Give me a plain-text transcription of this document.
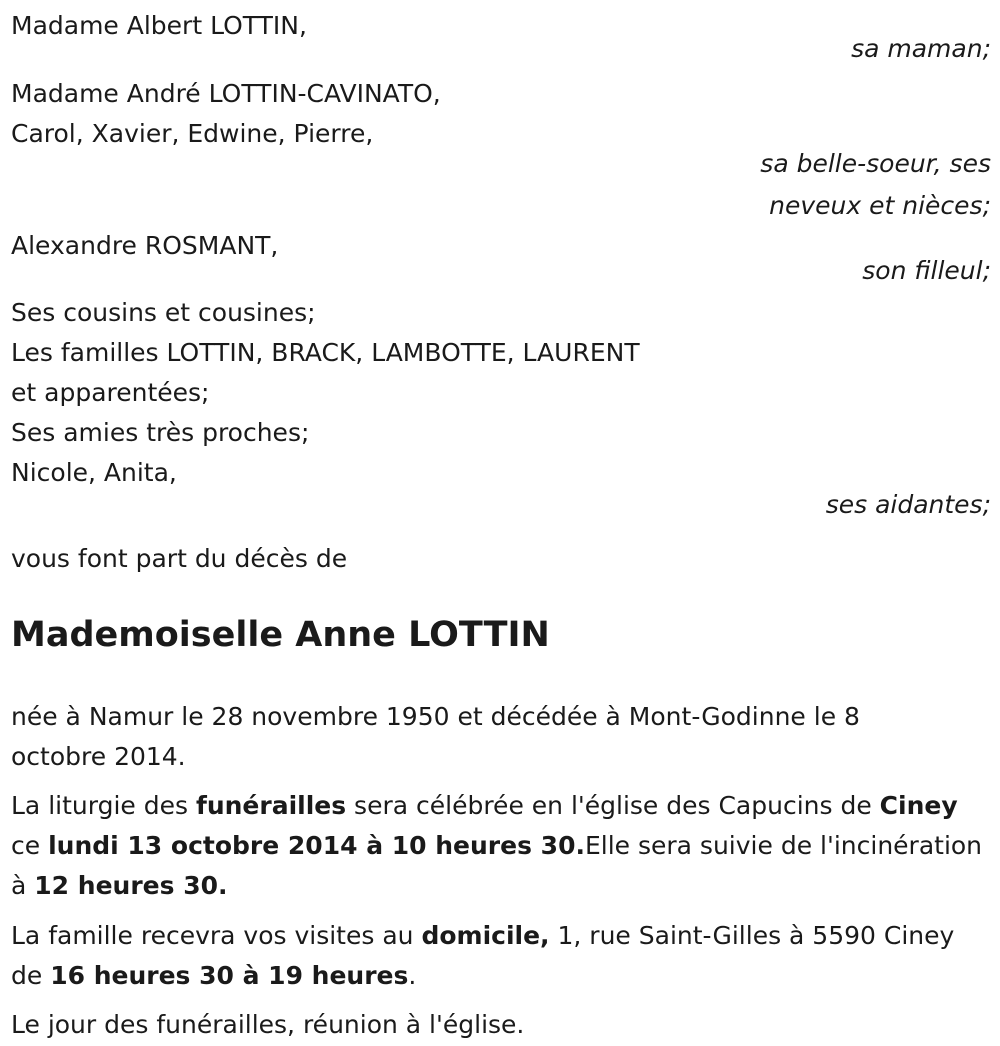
Madame Albert LOTTIN,
sa maman;
Madame André LOTTIN-CAVINATO,
Carol, Xavier, Edwine, Pierre,
sa belle-soeur, ses
neveux et nièces;
Alexandre ROSMANT,
son filleul;
Ses cousins et cousines;
Les familles LOTTIN, BRACK, LAMBOTTE, LAURENT
et apparentées;
Ses amies très proches;
Nicole, Anita,
ses aidantes;
vous font part du décès de
Mademoiselle Anne LOTTIN
née à Namur le 28 novembre 1950 et décédée à Mont-Godinne le 8
octobre 2014.
La liturgie des funérailles sera célébrée en l'église des Capucins de Ciney
ce lundi 13 octobre 2014 à 10 heures 30.Elle sera suivie de l'incinération
à 12 heures 30.
La famille recevra vos visites au domicile, 1, rue Saint-Gilles à 5590 Ciney
de 16 heures 30 à 19 heures.
Le jour des funérailles, réunion à l'église.
